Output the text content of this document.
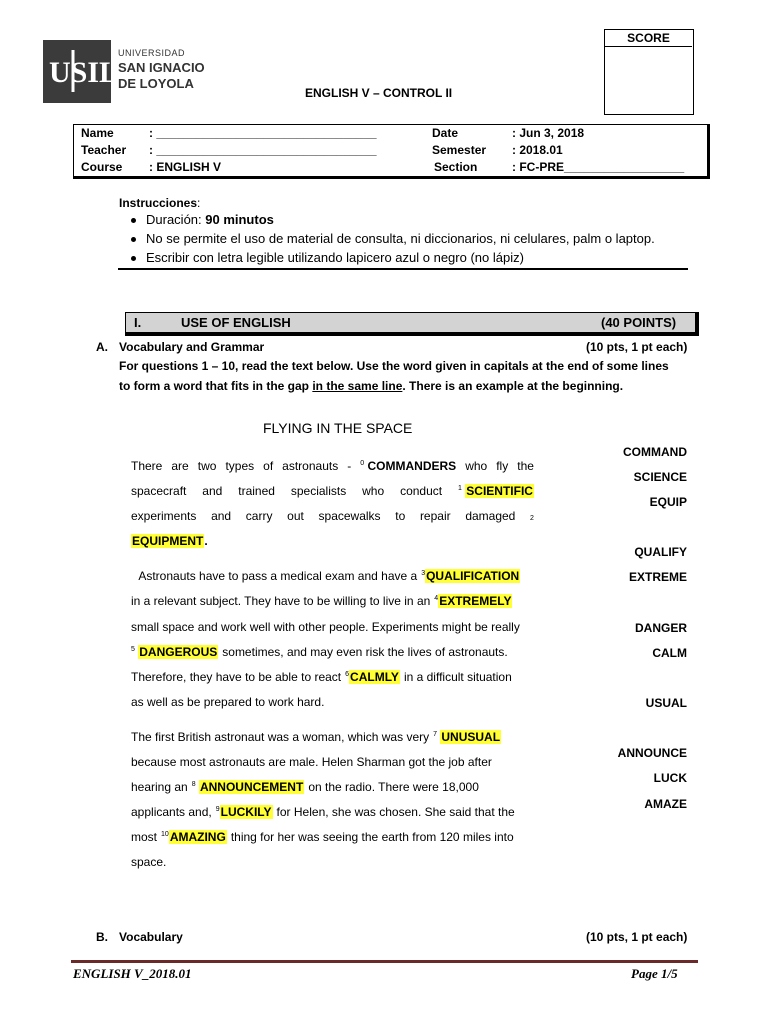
USIL
UNIVERSIDAD
SAN IGNACIO
DE LOYOLA
SCORE
ENGLISH V – CONTROL II
Name	: _________________________________
Teacher : _________________________________
Course : ENGLISH V
Date	: Jun 3, 2018
Semester : 2018.01
Section	: FC-PRE__________________
Instrucciones:
Duración: 90 minutos
No se permite el uso de material de consulta, ni diccionarios, ni celulares, palm o laptop.
Escribir con letra legible utilizando lapicero azul o negro (no lápiz)
I.	USE OF ENGLISH	(40 POINTS)
A. Vocabulary and Grammar	(10 pts, 1 pt each)
For questions 1 – 10, read the text below. Use the word given in capitals at the end of some lines
to form a word that fits in the gap in the same line. There is an example at the beginning.
FLYING IN THE SPACE
There are two types of astronauts - $^0$ COMMANDERS who fly the
spacecraft and trained specialists who conduct $^1$ SCIENTIFIC
experiments and carry out spacewalks to repair damaged 2
EQUIPMENT.

Astronauts have to pass a medical exam and have a $^3$QUALIFICATION
in a relevant subject. They have to be willing to live in an $^4$EXTREMELY
small space and work well with other people. Experiments might be really
$^5$ DANGEROUS sometimes, and may even risk the lives of astronauts.
Therefore, they have to be able to react $^6$CALMLY in a difficult situation
as well as be prepared to work hard.
The first British astronaut was a woman, which was very $^7$ UNUSUAL
because most astronauts are male. Helen Sharman got the job after
hearing an $^8$ ANNOUNCEMENT on the radio. There were 18,000
applicants and, $^9$LUCKILY for Helen, she was chosen. She said that the
most $^{10}$AMAZING thing for her was seeing the earth from 120 miles into
space.
COMMAND
SCIENCE
EQUIP
QUALIFY
EXTREME
DANGER
CALM
USUAL
ANNOUNCE
LUCK
AMAZE
B. Vocabulary	(10 pts, 1 pt each)
ENGLISH V_2018.01	Page 1/5
